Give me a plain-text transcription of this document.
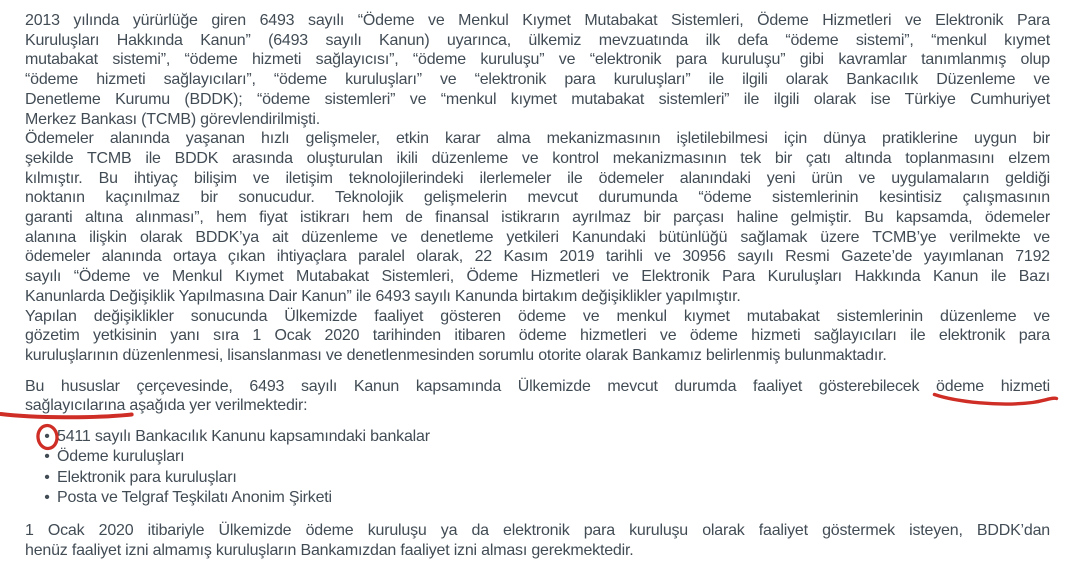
2013 yılında yürürlüğe giren 6493 sayılı “Ödeme ve Menkul Kıymet Mutabakat Sistemleri, Ödeme Hizmetleri ve Elektronik Para
Kuruluşları Hakkında Kanun” (6493 sayılı Kanun) uyarınca, ülkemiz mevzuatında ilk defa “ödeme sistemi”, “menkul kıymet
mutabakat sistemi”, “ödeme hizmeti sağlayıcısı”, “ödeme kuruluşu” ve “elektronik para kuruluşu” gibi kavramlar tanımlanmış olup
“ödeme hizmeti sağlayıcıları”, “ödeme kuruluşları” ve “elektronik para kuruluşları” ile ilgili olarak Bankacılık Düzenleme ve
Denetleme Kurumu (BDDK); “ödeme sistemleri” ve “menkul kıymet mutabakat sistemleri” ile ilgili olarak ise Türkiye Cumhuriyet
Merkez Bankası (TCMB) görevlendirilmişti.
Ödemeler alanında yaşanan hızlı gelişmeler, etkin karar alma mekanizmasının işletilebilmesi için dünya pratiklerine uygun bir
şekilde TCMB ile BDDK arasında oluşturulan ikili düzenleme ve kontrol mekanizmasının tek bir çatı altında toplanmasını elzem
kılmıştır. Bu ihtiyaç bilişim ve iletişim teknolojilerindeki ilerlemeler ile ödemeler alanındaki yeni ürün ve uygulamaların geldiği
noktanın kaçınılmaz bir sonucudur. Teknolojik gelişmelerin mevcut durumunda “ödeme sistemlerinin kesintisiz çalışmasının
garanti altına alınması”, hem fiyat istikrarı hem de finansal istikrarın ayrılmaz bir parçası haline gelmiştir. Bu kapsamda, ödemeler
alanına ilişkin olarak BDDK’ya ait düzenleme ve denetleme yetkileri Kanundaki bütünlüğü sağlamak üzere TCMB’ye verilmekte ve
ödemeler alanında ortaya çıkan ihtiyaçlara paralel olarak, 22 Kasım 2019 tarihli ve 30956 sayılı Resmi Gazete’de yayımlanan 7192
sayılı “Ödeme ve Menkul Kıymet Mutabakat Sistemleri, Ödeme Hizmetleri ve Elektronik Para Kuruluşları Hakkında Kanun ile Bazı
Kanunlarda Değişiklik Yapılmasına Dair Kanun” ile 6493 sayılı Kanunda birtakım değişiklikler yapılmıştır.
Yapılan değişiklikler sonucunda Ülkemizde faaliyet gösteren ödeme ve menkul kıymet mutabakat sistemlerinin düzenleme ve
gözetim yetkisinin yanı sıra 1 Ocak 2020 tarihinden itibaren ödeme hizmetleri ve ödeme hizmeti sağlayıcıları ile elektronik para
kuruluşlarının düzenlenmesi, lisanslanması ve denetlenmesinden sorumlu otorite olarak Bankamız belirlenmiş bulunmaktadır.
Bu hususlar çerçevesinde, 6493 sayılı Kanun kapsamında Ülkemizde mevcut durumda faaliyet gösterebilecek ödeme hizmeti
sağlayıcılarına aşağıda yer verilmektedir:
• 5411 sayılı Bankacılık Kanunu kapsamındaki bankalar
• Ödeme kuruluşları
• Elektronik para kuruluşları
• Posta ve Telgraf Teşkilatı Anonim Şirketi
1 Ocak 2020 itibariyle Ülkemizde ödeme kuruluşu ya da elektronik para kuruluşu olarak faaliyet göstermek isteyen, BDDK’dan
henüz faaliyet izni almamış kuruluşların Bankamızdan faaliyet izni alması gerekmektedir.
